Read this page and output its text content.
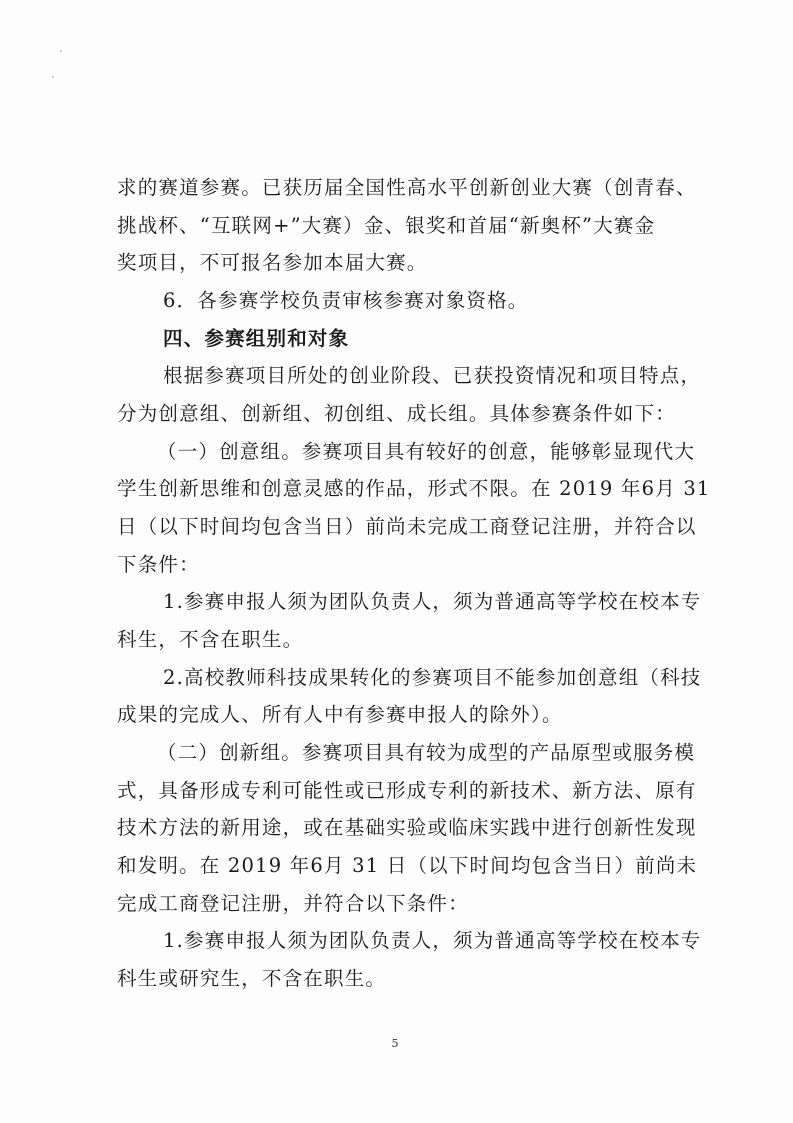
求的赛道参赛。已获历届全国性高水平创新创业大赛（创青春、
挑战杯、“互联网+”大赛）金、银奖和首届“新奥杯”大赛金
奖项目，不可报名参加本届大赛。
6．各参赛学校负责审核参赛对象资格。
四、参赛组别和对象
根据参赛项目所处的创业阶段、已获投资情况和项目特点，
分为创意组、创新组、初创组、成长组。具体参赛条件如下：
（一）创意组。参赛项目具有较好的创意，能够彰显现代大
学生创新思维和创意灵感的作品，形式不限。在 2019 年6月 31
日（以下时间均包含当日）前尚未完成工商登记注册，并符合以
下条件：
1.参赛申报人须为团队负责人，须为普通高等学校在校本专
科生，不含在职生。
2.高校教师科技成果转化的参赛项目不能参加创意组（科技
成果的完成人、所有人中有参赛申报人的除外）。
（二）创新组。参赛项目具有较为成型的产品原型或服务模
式，具备形成专利可能性或已形成专利的新技术、新方法、原有
技术方法的新用途，或在基础实验或临床实践中进行创新性发现
和发明。在 2019 年6月 31 日（以下时间均包含当日）前尚未
完成工商登记注册，并符合以下条件：
1.参赛申报人须为团队负责人，须为普通高等学校在校本专
科生或研究生，不含在职生。
5
